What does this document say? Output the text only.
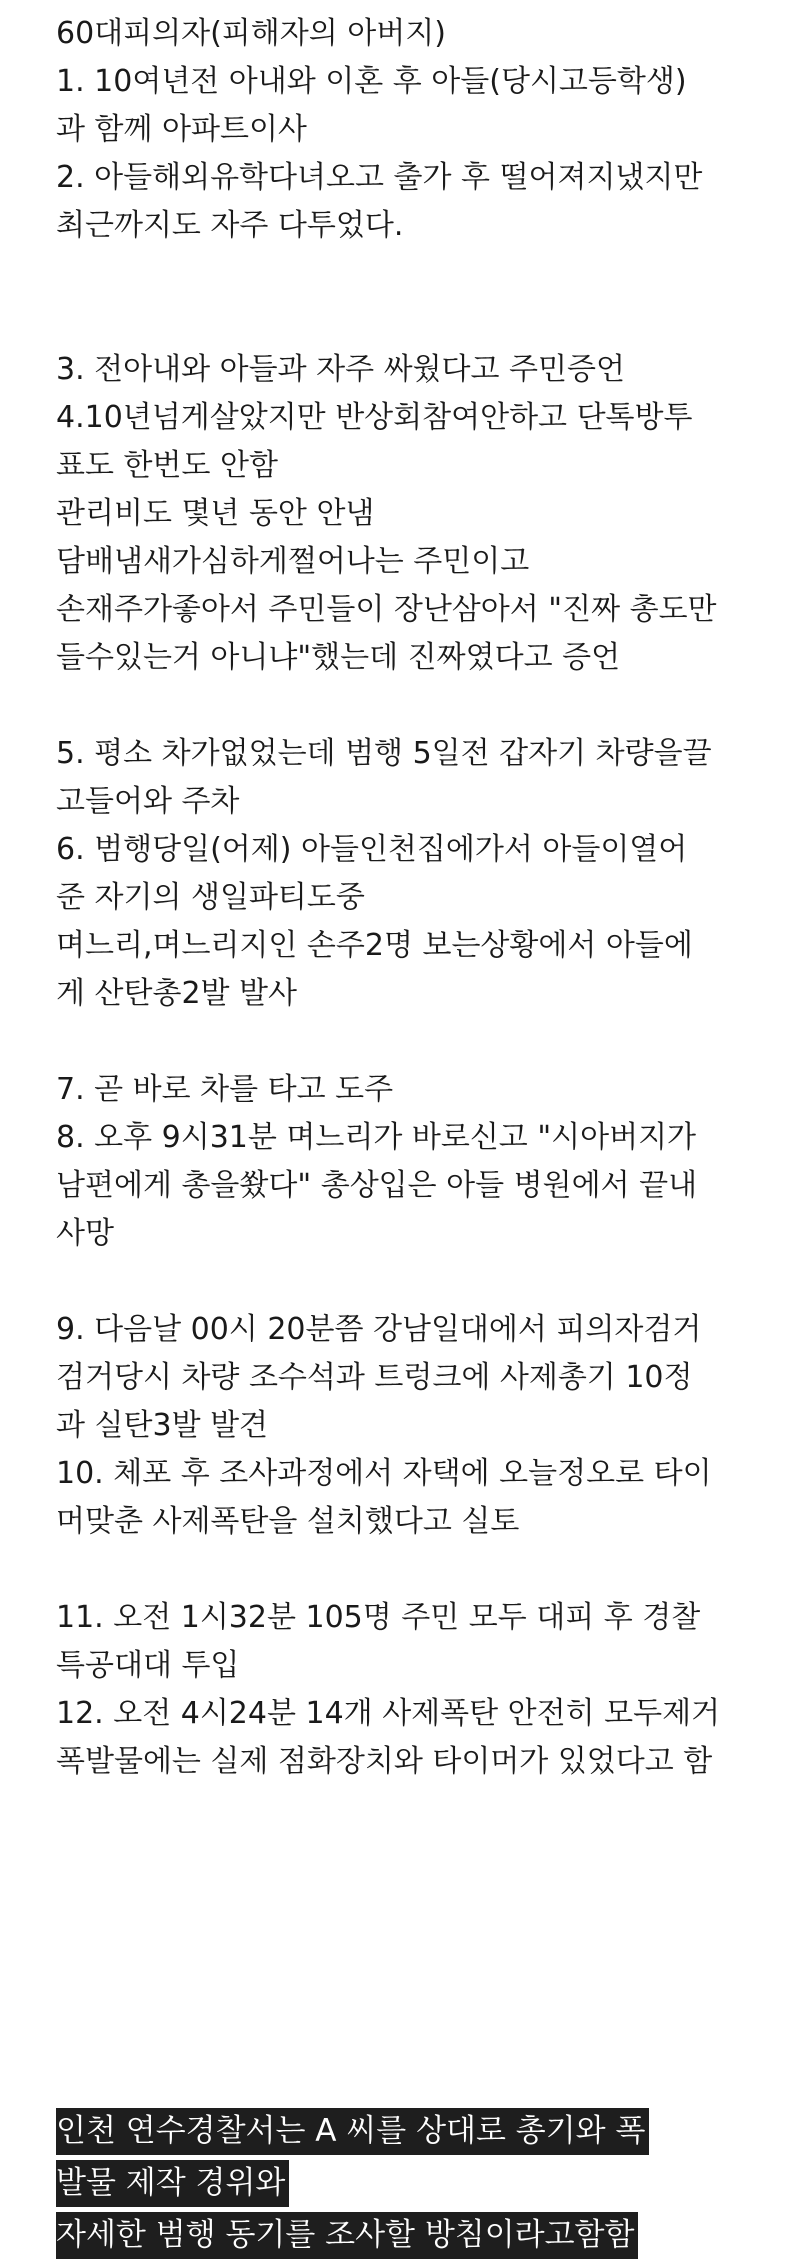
60대피의자(피해자의 아버지)
1. 10여년전 아내와 이혼 후 아들(당시고등학생)
과 함께 아파트이사
2. 아들해외유학다녀오고 출가 후 떨어져지냈지만
최근까지도 자주 다투었다.
3. 전아내와 아들과 자주 싸웠다고 주민증언
4.10년넘게살았지만 반상회참여안하고 단톡방투
표도 한번도 안함
관리비도 몇년 동안 안냄
담배냄새가심하게쩔어나는 주민이고
손재주가좋아서 주민들이 장난삼아서 "진짜 총도만
들수있는거 아니냐"했는데 진짜였다고 증언
5. 평소 차가없었는데 범행 5일전 갑자기 차량을끌
고들어와 주차
6. 범행당일(어제) 아들인천집에가서 아들이열어
준 자기의 생일파티도중
며느리,며느리지인 손주2명 보는상황에서 아들에
게 산탄총2발 발사
7. 곧 바로 차를 타고 도주
8. 오후 9시31분 며느리가 바로신고 "시아버지가
남편에게 총을쐈다" 총상입은 아들 병원에서 끝내
사망
9. 다음날 00시 20분쯤 강남일대에서 피의자검거
검거당시 차량 조수석과 트렁크에 사제총기 10정
과 실탄3발 발견
10. 체포 후 조사과정에서 자택에 오늘정오로 타이
머맞춘 사제폭탄을 설치했다고 실토
11. 오전 1시32분 105명 주민 모두 대피 후 경찰
특공대대 투입
12. 오전 4시24분 14개 사제폭탄 안전히 모두제거
폭발물에는 실제 점화장치와 타이머가 있었다고 함
인천 연수경찰서는 A 씨를 상대로 총기와 폭
발물 제작 경위와
자세한 범행 동기를 조사할 방침이라고함함
